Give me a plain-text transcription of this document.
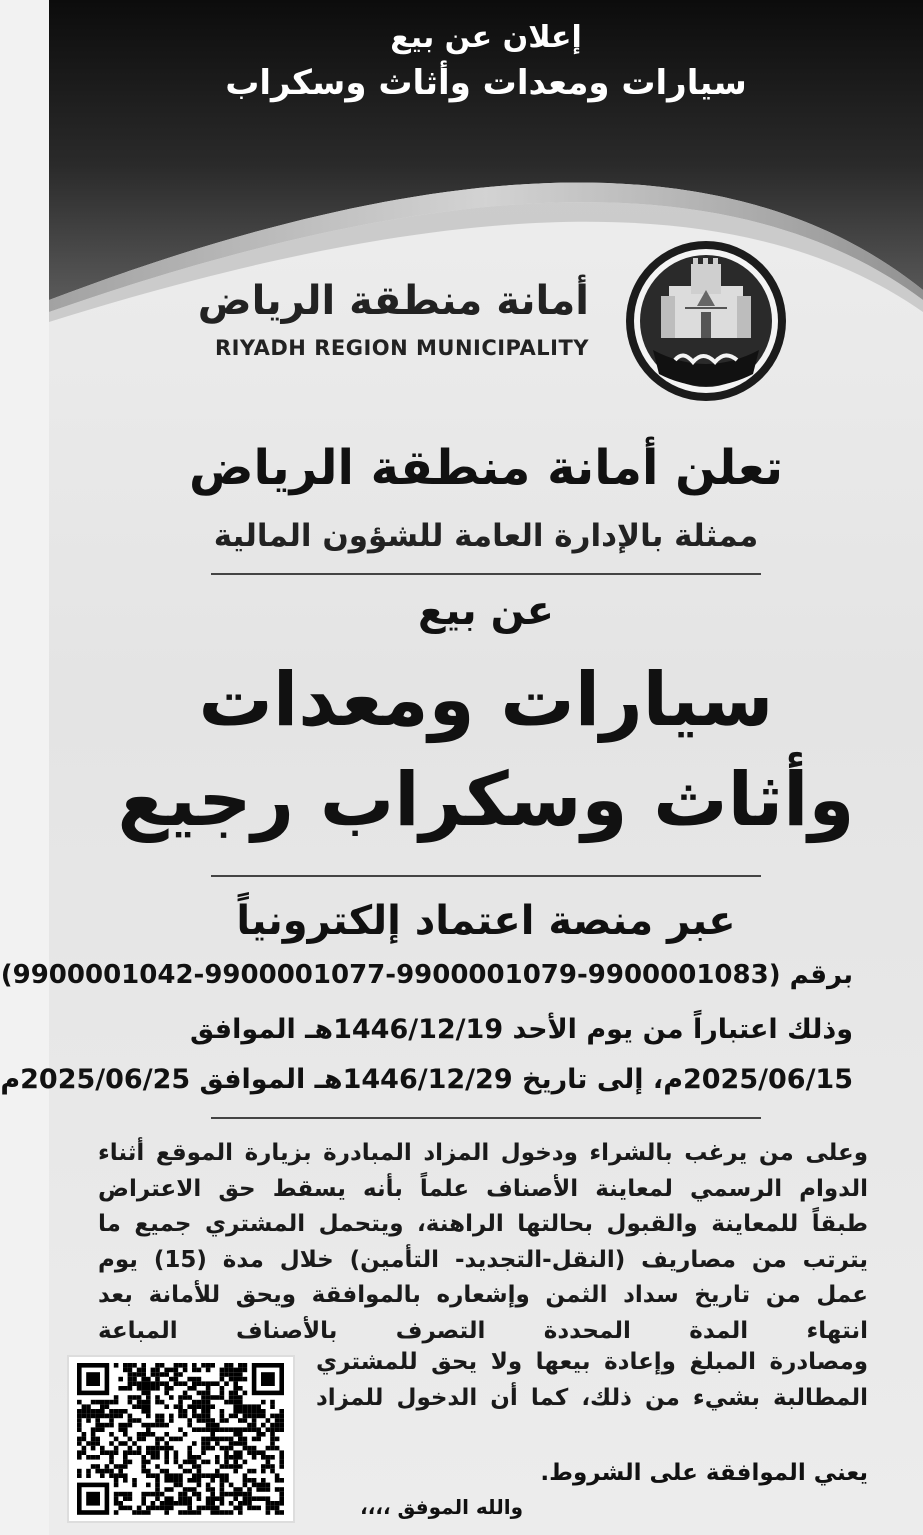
إعلان عن بيع
سيارات ومعدات وأثاث وسكراب
أمانة منطقة الرياض
RIYADH REGION MUNICIPALITY
تعلن أمانة منطقة الرياض
ممثلة بالإدارة العامة للشؤون المالية
عن بيع
سيارات ومعدات
وأثاث وسكراب رجيع
عبر منصة اعتماد إلكترونياً
برقم (9900001083-9900001079-9900001077-9900001042)
وذلك اعتباراً من يوم الأحد 1446/12/19هـ الموافق
2025/06/15م، إلى تاريخ 1446/12/29هـ الموافق 2025/06/25م
وعلى من يرغب بالشراء ودخول المزاد المبادرة بزيارة الموقع أثناء
الدوام الرسمي لمعاينة الأصناف علماً بأنه يسقط حق الاعتراض
طبقاً للمعاينة والقبول بحالتها الراهنة، ويتحمل المشتري جميع ما
يترتب من مصاريف (النقل-التجديد- التأمين) خلال مدة (15) يوم
عمل من تاريخ سداد الثمن وإشعاره بالموافقة ويحق للأمانة بعد
انتهاء المدة المحددة التصرف بالأصناف المباعة
ومصادرة المبلغ وإعادة بيعها ولا يحق للمشتري
المطالبة بشيء من ذلك، كما أن الدخول للمزاد
يعني الموافقة على الشروط.
والله الموفق ،،،،
